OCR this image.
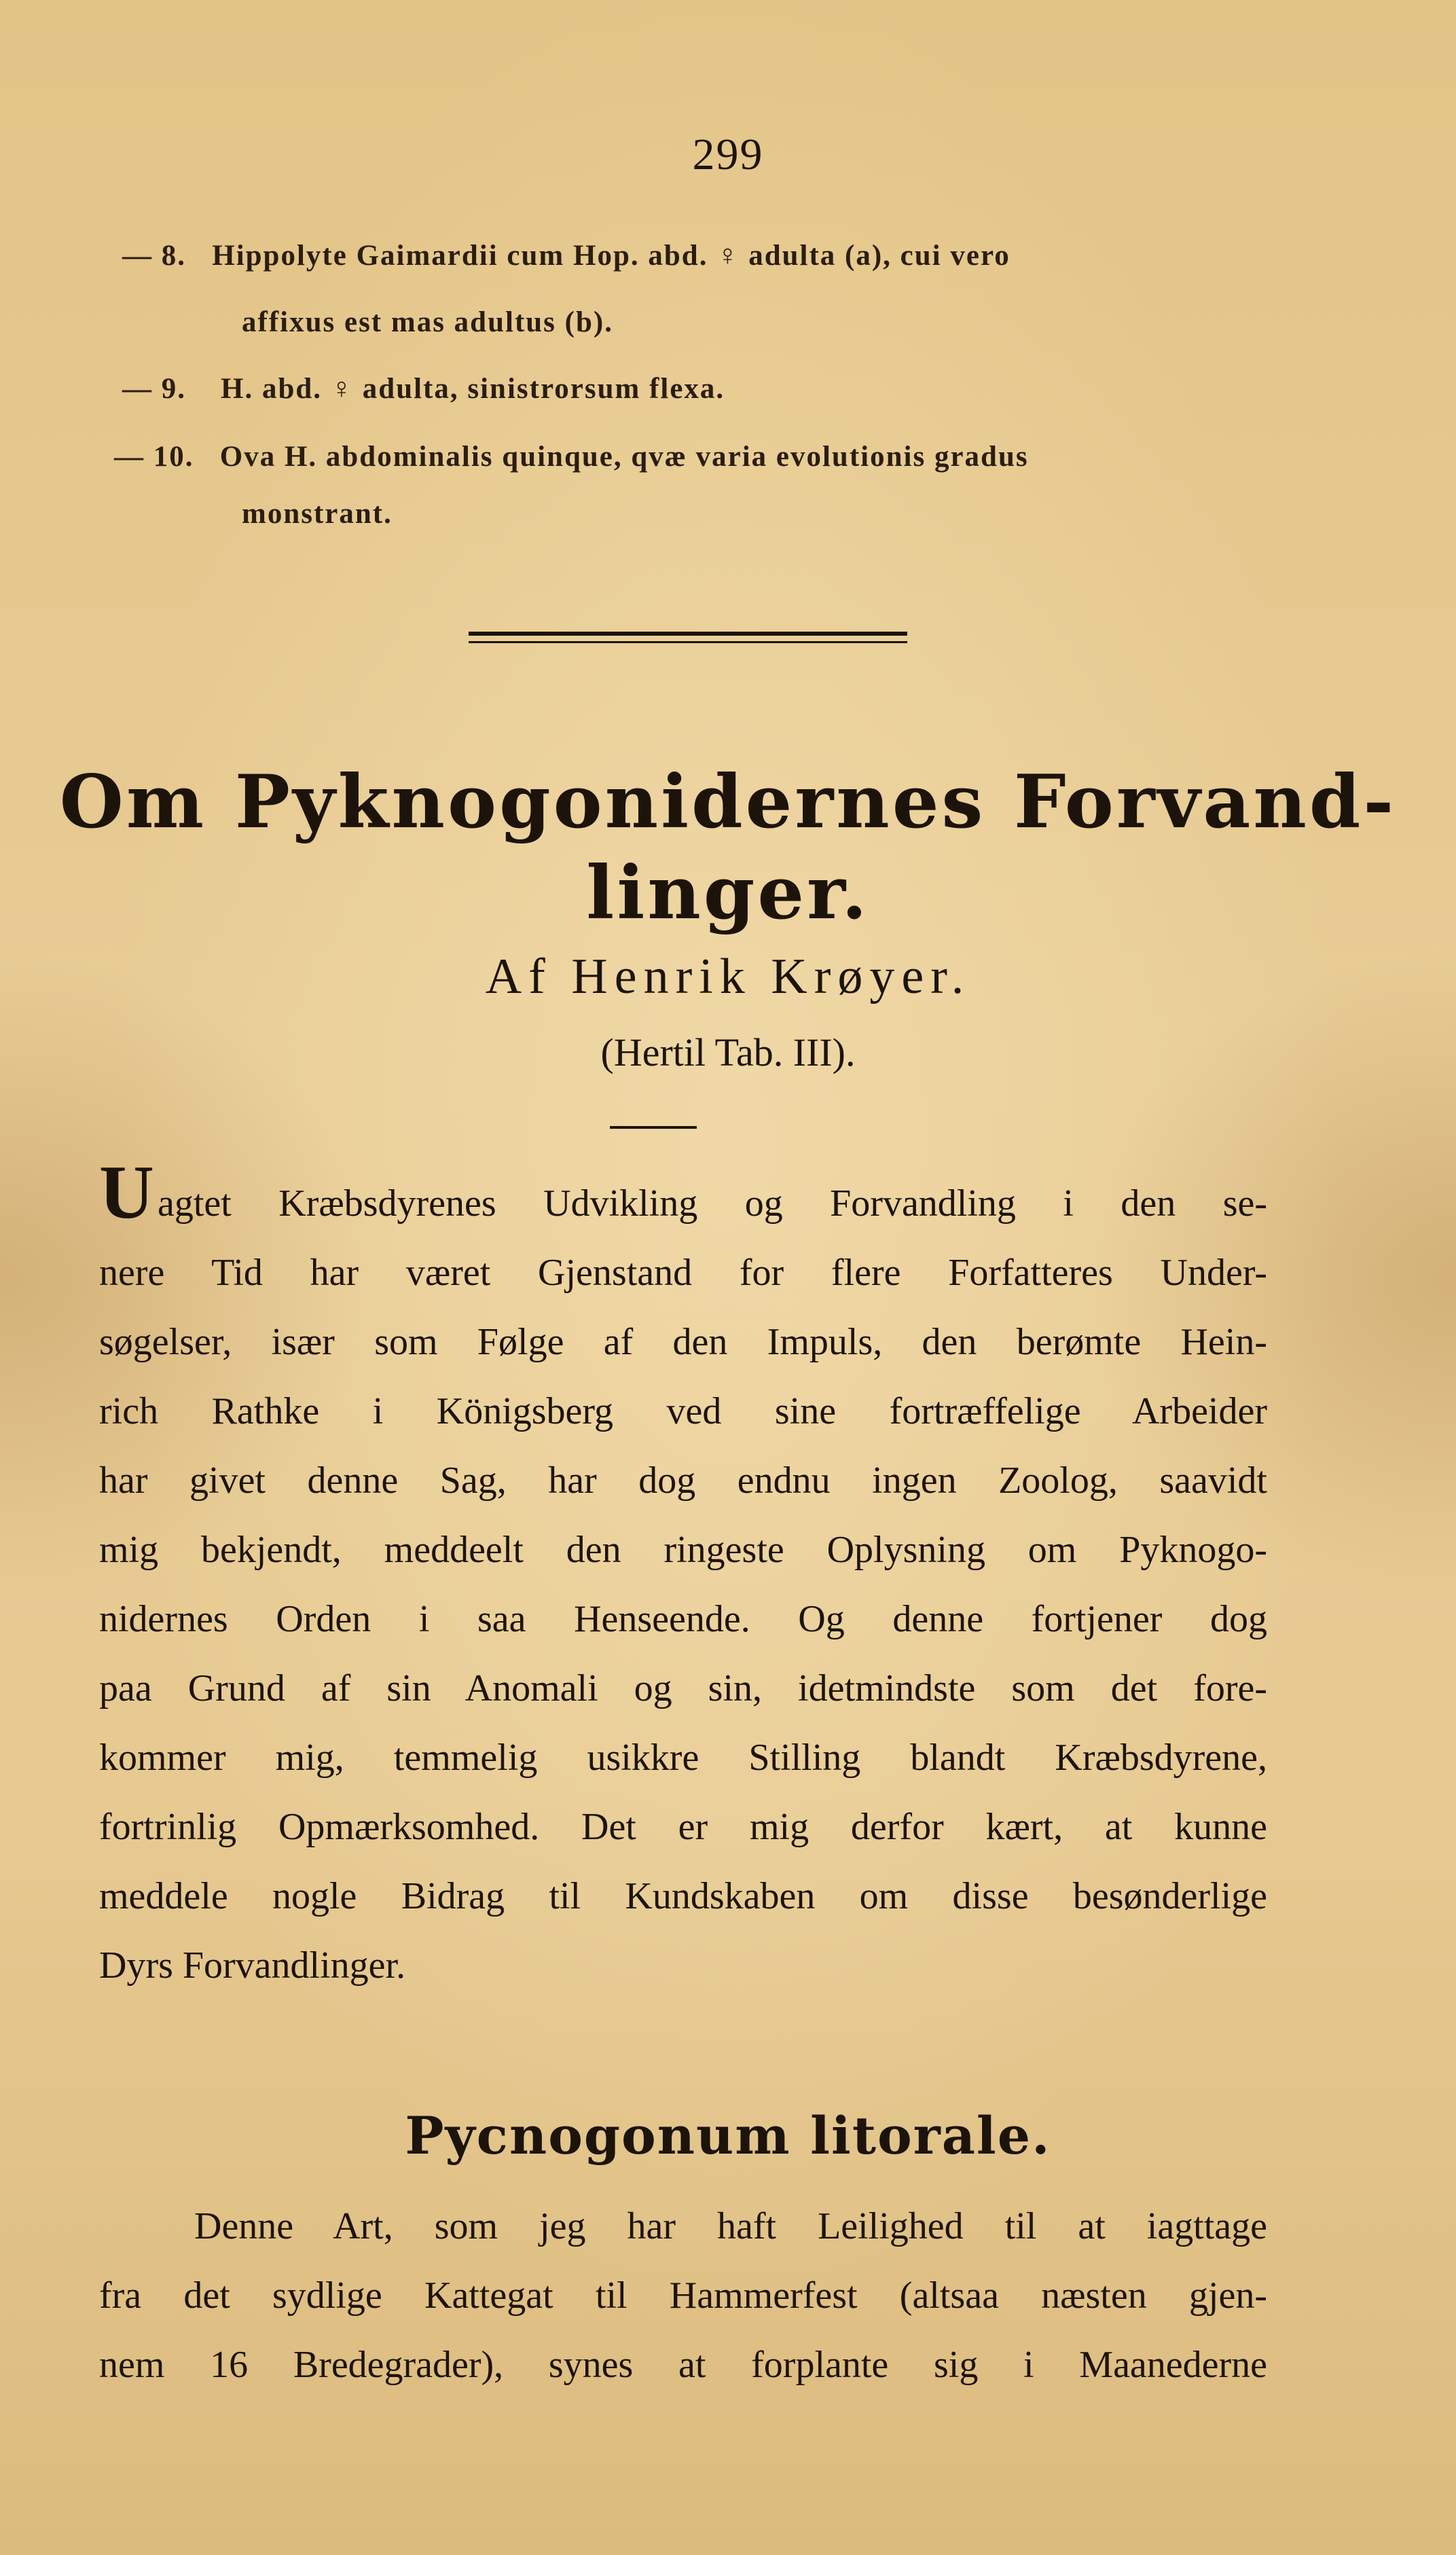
299
— 8. Hippolyte Gaimardii cum Hop. abd. ♀ adulta (a), cui vero
affixus est mas adultus (b).
— 9. H. abd. ♀ adulta, sinistrorsum flexa.
— 10. Ova H. abdominalis quinque, qvæ varia evolutionis gradus
monstrant.
Om Pyknogonidernes Forvand-
linger.
Af Henrik Krøyer.
(Hertil Tab. III).
U agtet Kræbsdyrenes Udvikling og Forvandling i den se-
nere Tid har været Gjenstand for flere Forfatteres Under-
søgelser, især som Følge af den Impuls, den berømte Hein-
rich Rathke i Königsberg ved sine fortræffelige Arbeider
har givet denne Sag, har dog endnu ingen Zoolog, saavidt
mig bekjendt, meddeelt den ringeste Oplysning om Pyknogo-
nidernes Orden i saa Henseende. Og denne fortjener dog
paa Grund af sin Anomali og sin, idetmindste som det fore-
kommer mig, temmelig usikkre Stilling blandt Kræbsdyrene,
fortrinlig Opmærksomhed. Det er mig derfor kært, at kunne
meddele nogle Bidrag til Kundskaben om disse besønderlige
Dyrs Forvandlinger.
Pycnogonum litorale.
Denne Art, som jeg har haft Leilighed til at iagttage
fra det sydlige Kattegat til Hammerfest (altsaa næsten gjen-
nem 16 Bredegrader), synes at forplante sig i Maanederne
